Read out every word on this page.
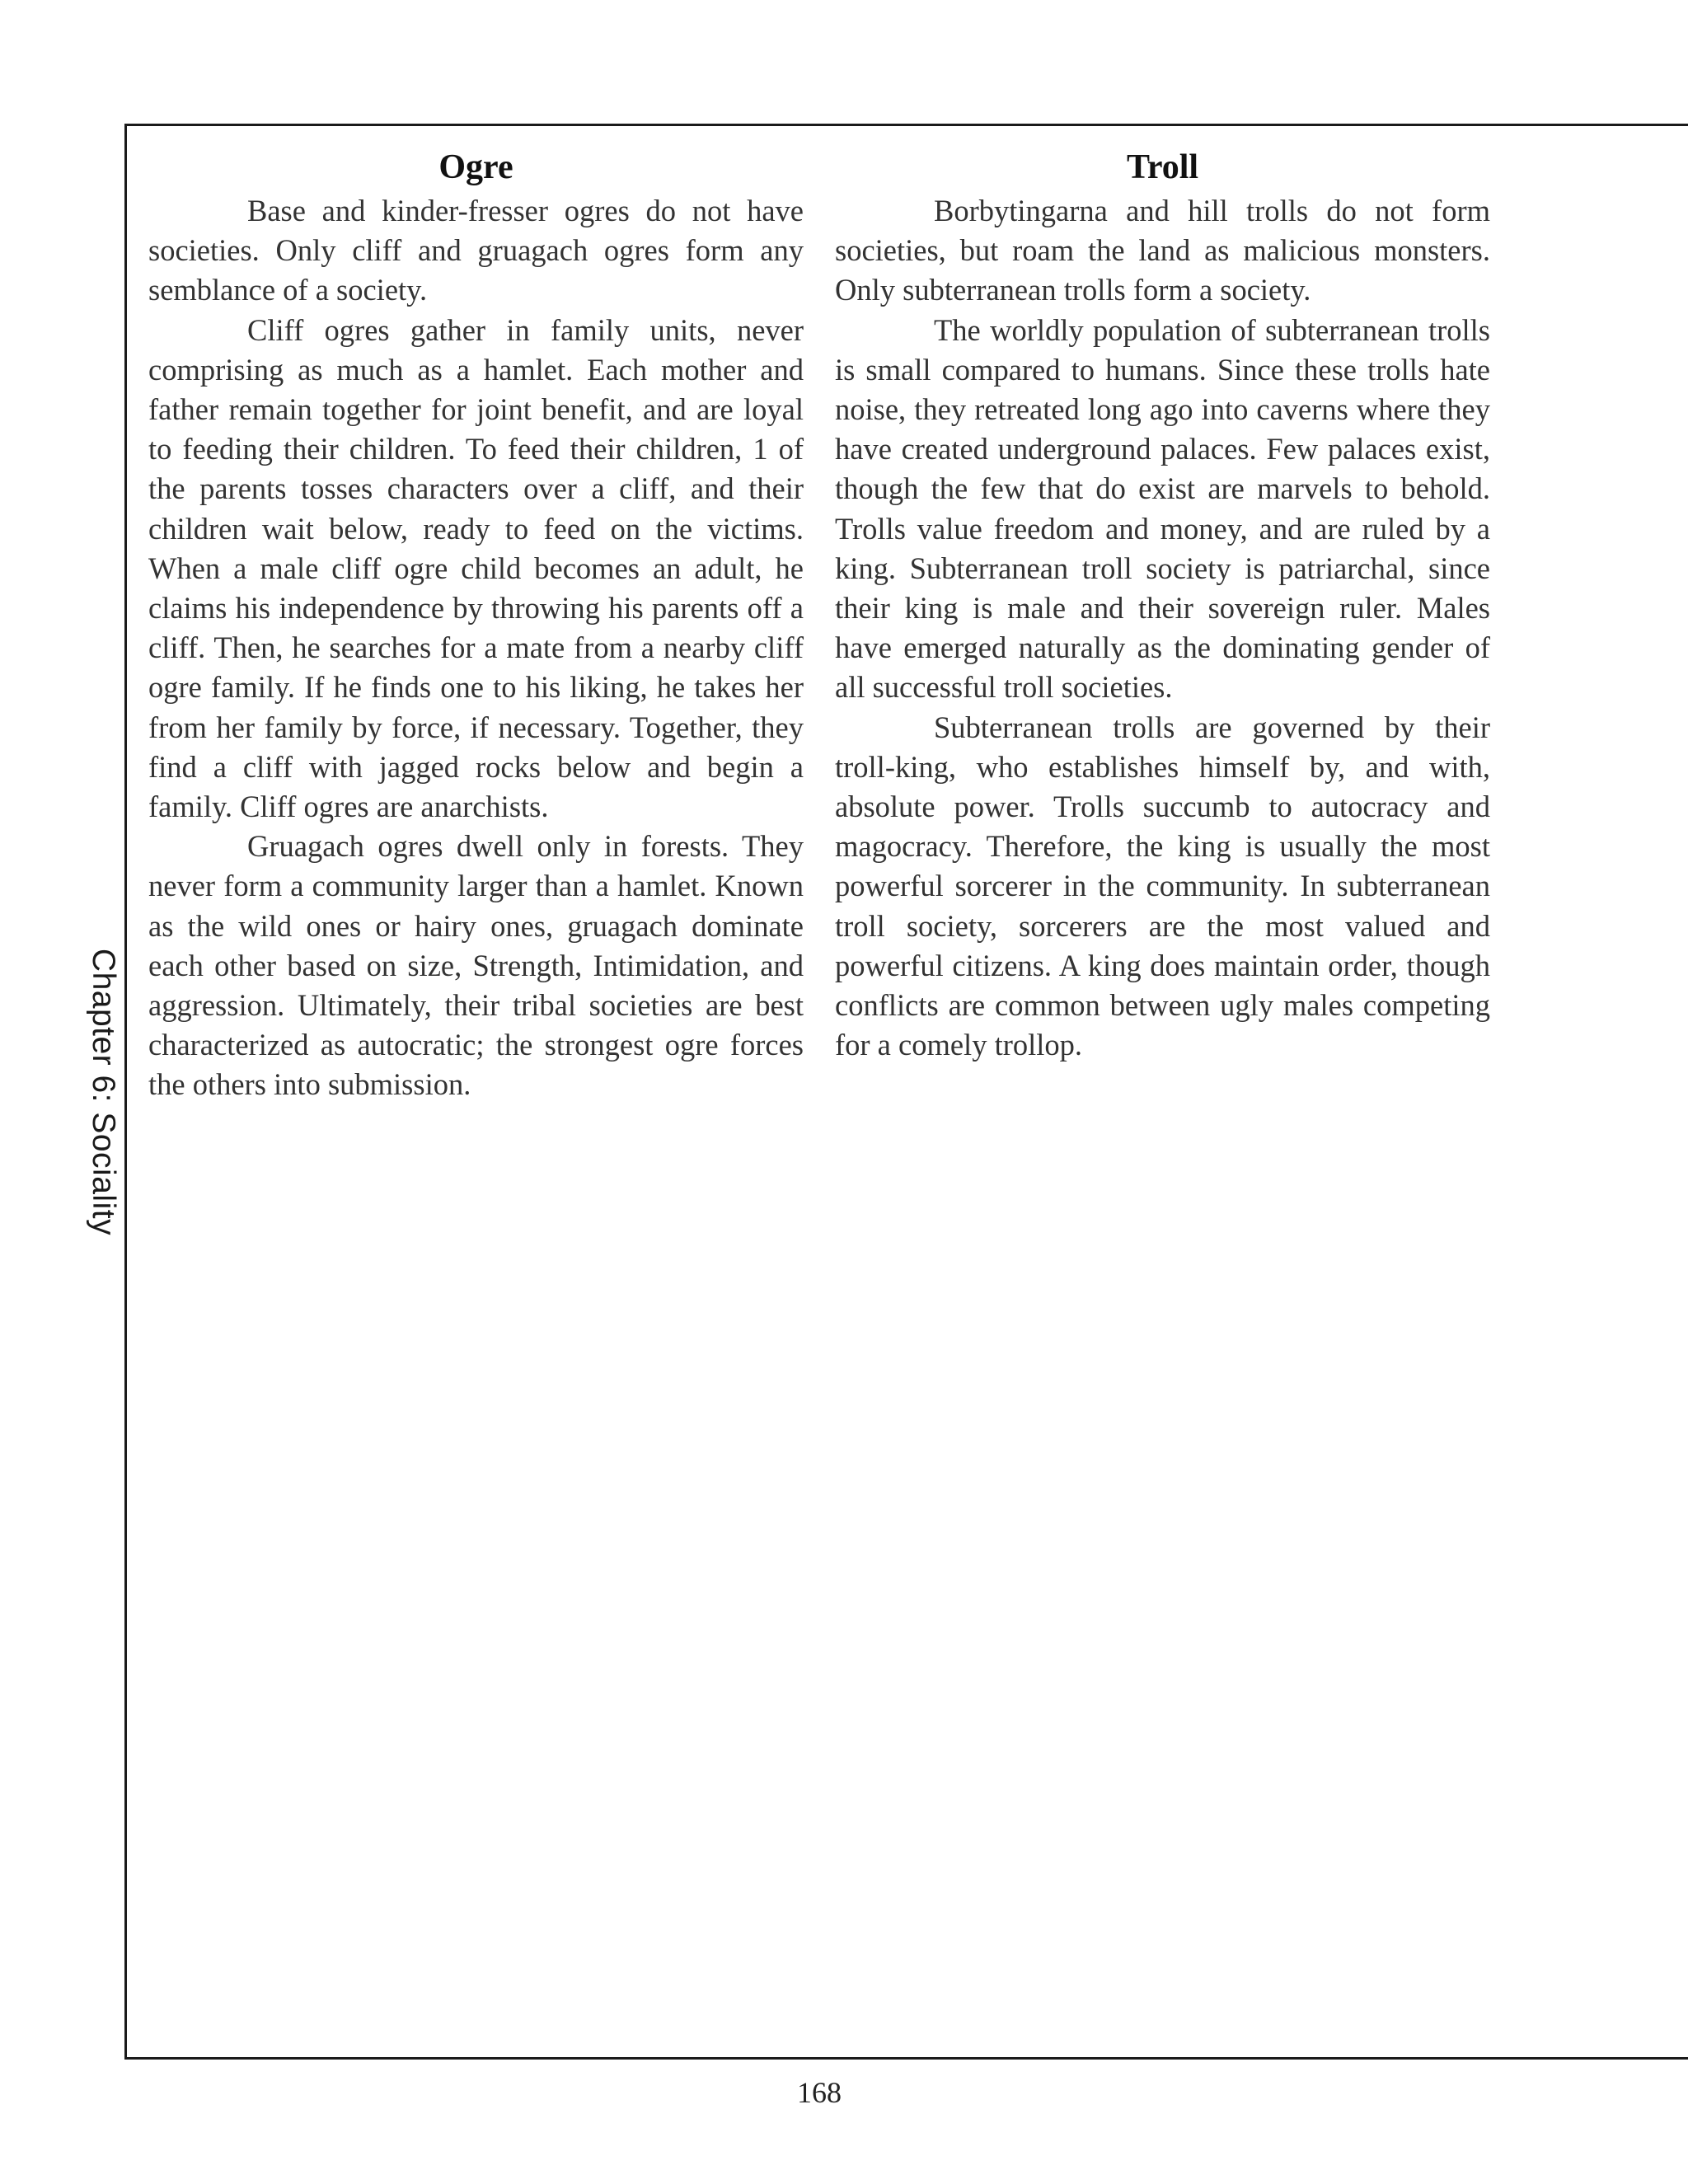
Chapter 6: Sociality
Ogre

Base and kinder-fresser ogres do not have societies. Only cliff and gruagach ogres form any semblance of a society.

Cliff ogres gather in family units, never comprising as much as a hamlet. Each mother and father remain together for joint benefit, and are loyal to feeding their children. To feed their children, 1 of the parents tosses characters over a cliff, and their children wait below, ready to feed on the victims. When a male cliff ogre child becomes an adult, he claims his independence by throwing his parents off a cliff. Then, he searches for a mate from a nearby cliff ogre family. If he finds one to his liking, he takes her from her family by force, if necessary. Together, they find a cliff with jagged rocks below and begin a family. Cliff ogres are anarchists.

Gruagach ogres dwell only in forests. They never form a community larger than a hamlet. Known as the wild ones or hairy ones, gruagach dominate each other based on size, Strength, Intimidation, and aggression. Ultimately, their tribal societies are best characterized as autocratic; the strongest ogre forces the others into submission.

Troll

Borbytingarna and hill trolls do not form societies, but roam the land as malicious monsters. Only subterranean trolls form a society.

The worldly population of subterranean trolls is small compared to humans. Since these trolls hate noise, they retreated long ago into caverns where they have created underground palaces. Few palaces exist, though the few that do exist are marvels to behold. Trolls value freedom and money, and are ruled by a king. Subterranean troll society is patriarchal, since their king is male and their sovereign ruler. Males have emerged naturally as the dominating gender of all successful troll societies.

Subterranean trolls are governed by their troll-king, who establishes himself by, and with, absolute power. Trolls succumb to autocracy and magocracy. Therefore, the king is usually the most powerful sorcerer in the community. In subterranean troll society, sorcerers are the most valued and powerful citizens. A king does maintain order, though conflicts are common between ugly males competing for a comely trollop.

168
